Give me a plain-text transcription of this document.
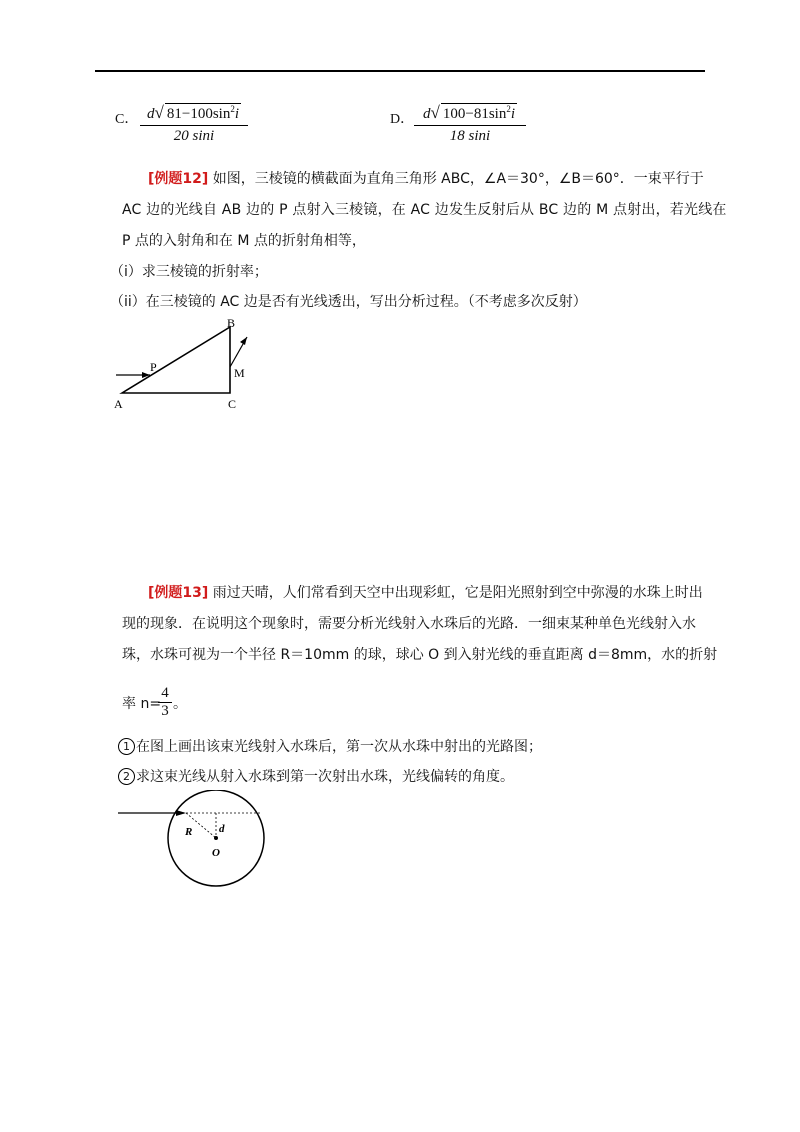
C． $\frac{d√ 81-100\sin^2i}{20 \sin i}$	D． $\frac{d√ 100-81\sin^2i}{18 \sin i}$
[例题12] 如图，三棱镜的横截面为直角三角形 ABC，∠A＝30°，∠B＝60°．一束平行于
AC 边的光线自 AB 边的 P 点射入三棱镜，在 AC 边发生反射后从 BC 边的 M 点射出，若光线在
P 点的入射角和在 M 点的折射角相等，
（i）求三棱镜的折射率；
（ii）在三棱镜的 AC 边是否有光线透出，写出分析过程。（不考虑多次反射）
A
P
B
M
C
[例题13] 雨过天晴，人们常看到天空中出现彩虹，它是阳光照射到空中弥漫的水珠上时出
现的现象．在说明这个现象时，需要分析光线射入水珠后的光路．一细束某种单色光线射入水
珠，水珠可视为一个半径 R＝10mm 的球，球心 O 到入射光线的垂直距离 d＝8mm，水的折射
率 n=
4
3 。
1 在图上画出该束光线射入水珠后，第一次从水珠中射出的光路图；
2 求这束光线从射入水珠到第一次射出水珠，光线偏转的角度。
R d
O
